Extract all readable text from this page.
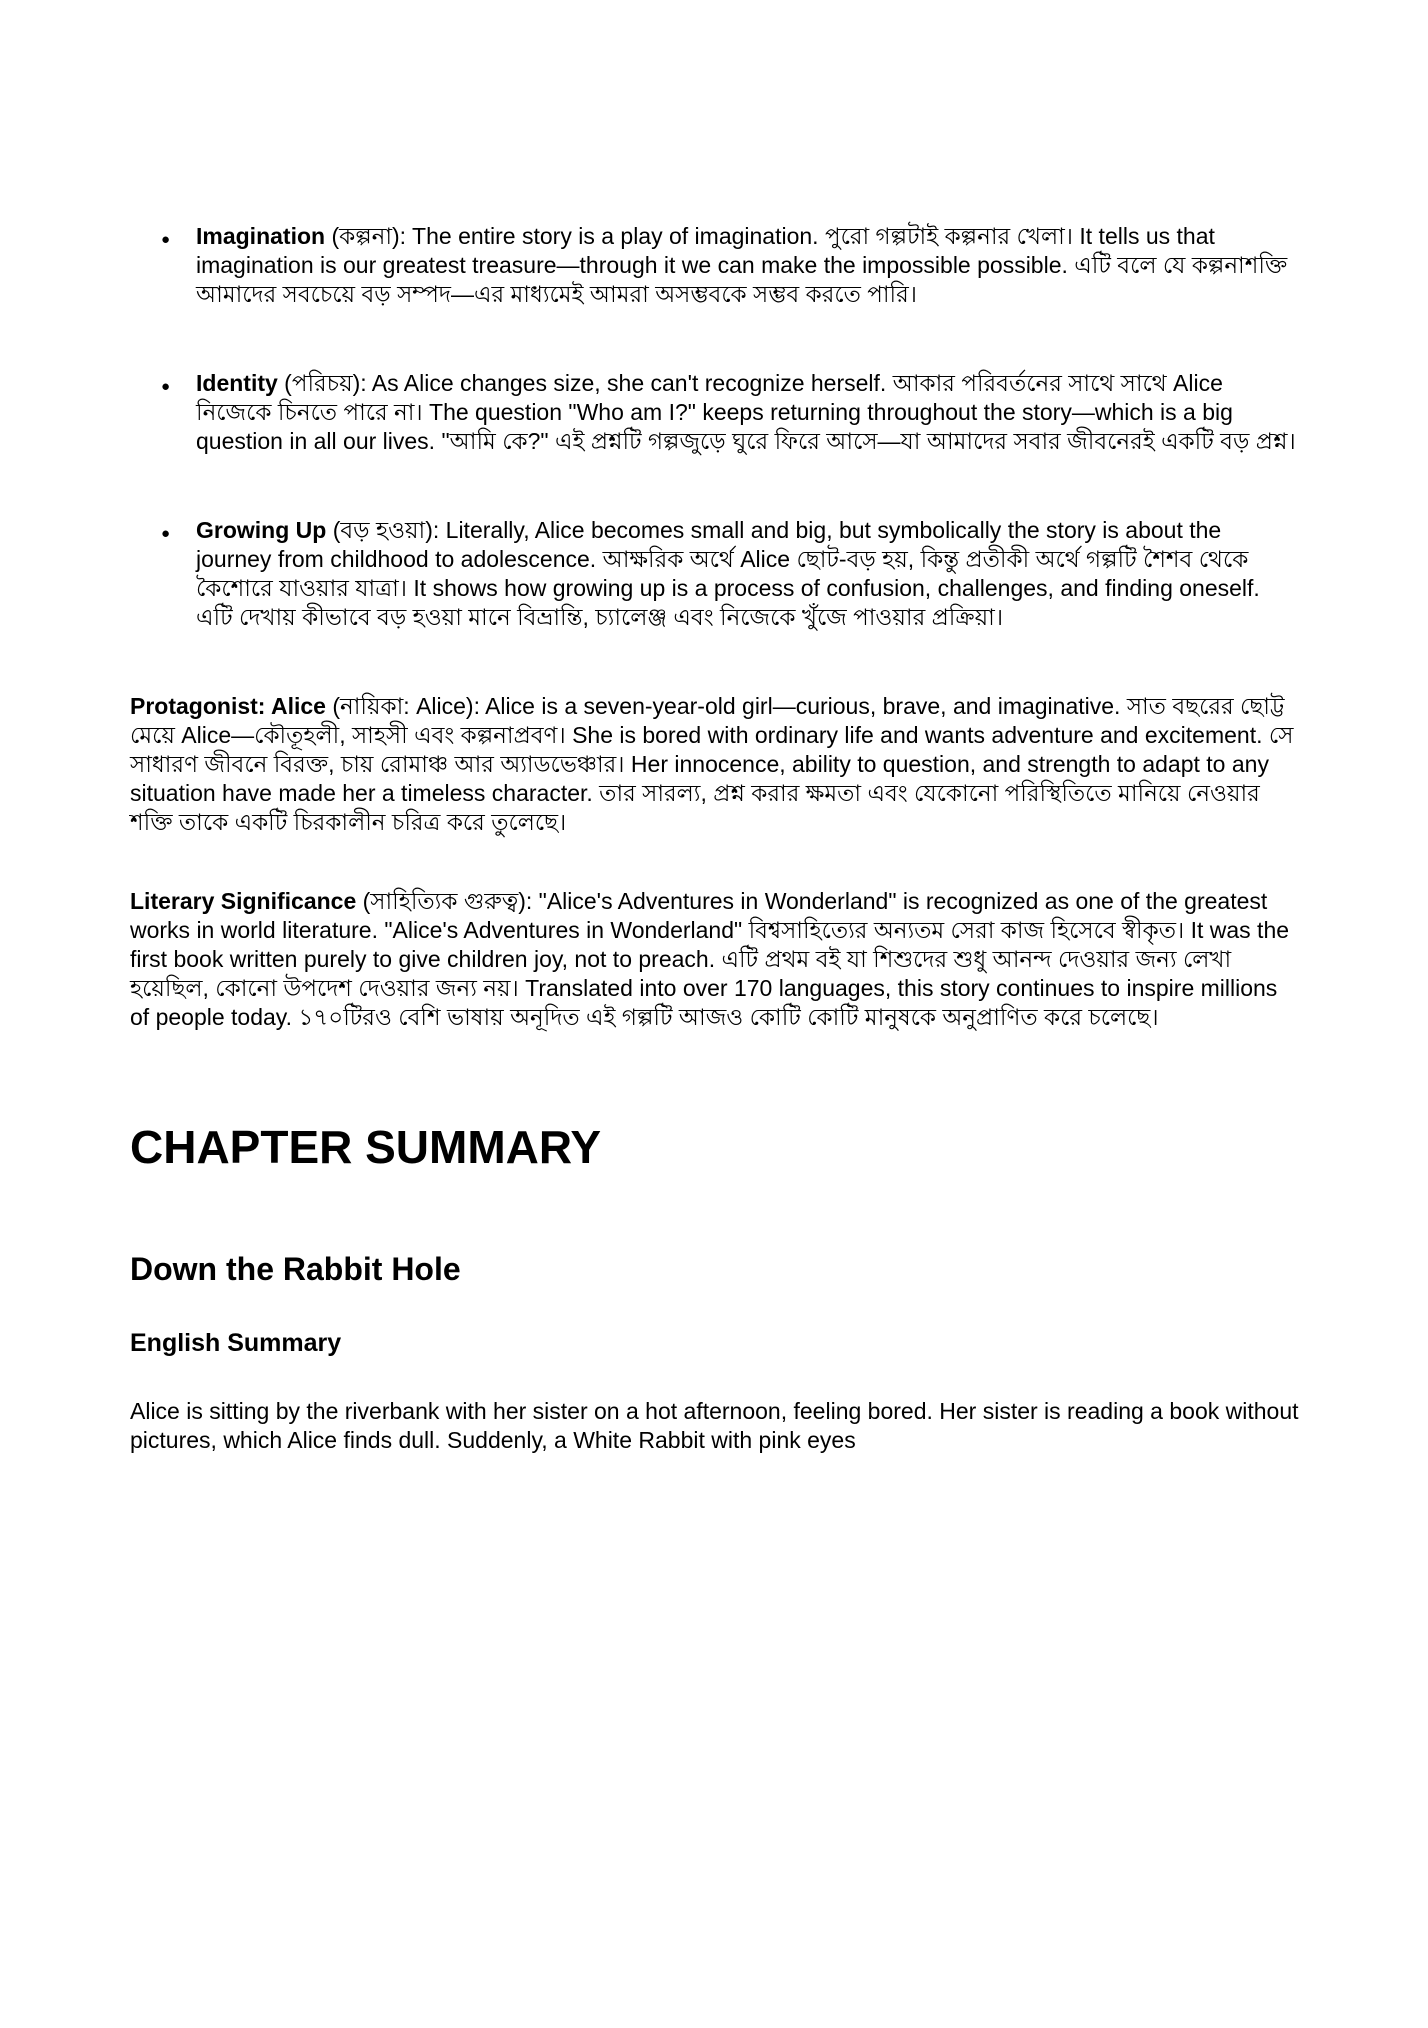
● Imagination (কল্পনা): The entire story is a play of imagination. পুরো গল্পটাই কল্পনার খেলা। It tells us that imagination is our greatest treasure—through it we can make the impossible possible. এটি বলে যে কল্পনাশক্তি আমাদের সবচেয়ে বড় সম্পদ—এর মাধ্যমেই আমরা অসম্ভবকে সম্ভব করতে পারি।
● Identity (পরিচয়): As Alice changes size, she can't recognize herself. আকার পরিবর্তনের সাথে সাথে Alice নিজেকে চিনতে পারে না। The question "Who am I?" keeps returning throughout the story—which is a big question in all our lives. "আমি কে?" এই প্রশ্নটি গল্পজুড়ে ঘুরে ফিরে আসে—যা আমাদের সবার জীবনেরই একটি বড় প্রশ্ন।
● Growing Up (বড় হওয়া): Literally, Alice becomes small and big, but symbolically the story is about the journey from childhood to adolescence. আক্ষরিক অর্থে Alice ছোট-বড় হয়, কিন্তু প্রতীকী অর্থে গল্পটি শৈশব থেকে কৈশোরে যাওয়ার যাত্রা। It shows how growing up is a process of confusion, challenges, and finding oneself. এটি দেখায় কীভাবে বড় হওয়া মানে বিভ্রান্তি, চ্যালেঞ্জ এবং নিজেকে খুঁজে পাওয়ার প্রক্রিয়া।

Protagonist: Alice (নায়িকা: Alice): Alice is a seven-year-old girl—curious, brave, and imaginative. সাত বছরের ছোট্ট মেয়ে Alice—কৌতূহলী, সাহসী এবং কল্পনাপ্রবণ। She is bored with ordinary life and wants adventure and excitement. সে সাধারণ জীবনে বিরক্ত, চায় রোমাঞ্চ আর অ্যাডভেঞ্চার। Her innocence, ability to question, and strength to adapt to any situation have made her a timeless character. তার সারল্য, প্রশ্ন করার ক্ষমতা এবং যেকোনো পরিস্থিতিতে মানিয়ে নেওয়ার শক্তি তাকে একটি চিরকালীন চরিত্র করে তুলেছে।

Literary Significance (সাহিত্যিক গুরুত্ব): "Alice's Adventures in Wonderland" is recognized as one of the greatest works in world literature. "Alice's Adventures in Wonderland" বিশ্বসাহিত্যের অন্যতম সেরা কাজ হিসেবে স্বীকৃত। It was the first book written purely to give children joy, not to preach. এটি প্রথম বই যা শিশুদের শুধু আনন্দ দেওয়ার জন্য লেখা হয়েছিল, কোনো উপদেশ দেওয়ার জন্য নয়। Translated into over 170 languages, this story continues to inspire millions of people today. ১৭০টিরও বেশি ভাষায় অনূদিত এই গল্পটি আজও কোটি কোটি মানুষকে অনুপ্রাণিত করে চলেছে।

CHAPTER SUMMARY
Down the Rabbit Hole
English Summary

Alice is sitting by the riverbank with her sister on a hot afternoon, feeling bored. Her sister is reading a book without pictures, which Alice finds dull. Suddenly, a White Rabbit with pink eyes
